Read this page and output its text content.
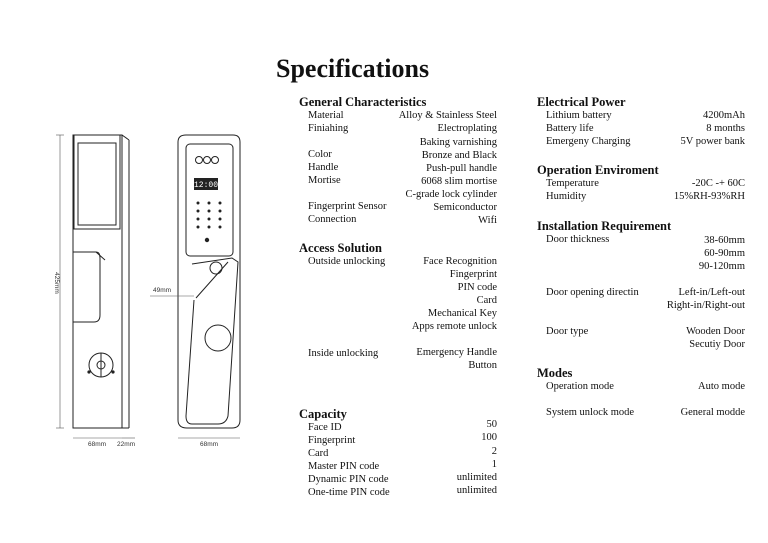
Specifications
12:00
425mm	49mm
68mm 22mm	68mm
General Characteristics
Material	Alloy & Stainless Steel
Finiahing	Electroplating
Baking varnishing
Color	Bronze and Black
Handle	Push-pull handle
Mortise	6068 slim mortise
C-grade lock cylinder
Fingerprint Sensor	Semiconductor
Connection	Wifi
Access Solution
Outside unlocking	Face Recognition
Fingerprint
PIN code
Card
Mechanical Key
Apps remote unlock
Inside unlocking	Emergency Handle
Button
Capacity
Face ID	50
Fingerprint	100
Card	2
Master PIN code	1
Dynamic PIN code	unlimited
One-time PIN code	unlimited
Electrical Power
Lithium battery	4200mAh
Battery life	8 months
Emergeny Charging	5V power bank
Operation Enviroment
Temperature	-20C -+ 60C
Humidity	15%RH-93%RH
Installation Requirement
Door thickness	38-60mm
60-90mm
90-120mm
Door opening directin	Left-in/Left-out
Right-in/Right-out
Door type	Wooden Door
Secutiy Door
Modes
Operation mode	Auto mode
System unlock mode	General modde
